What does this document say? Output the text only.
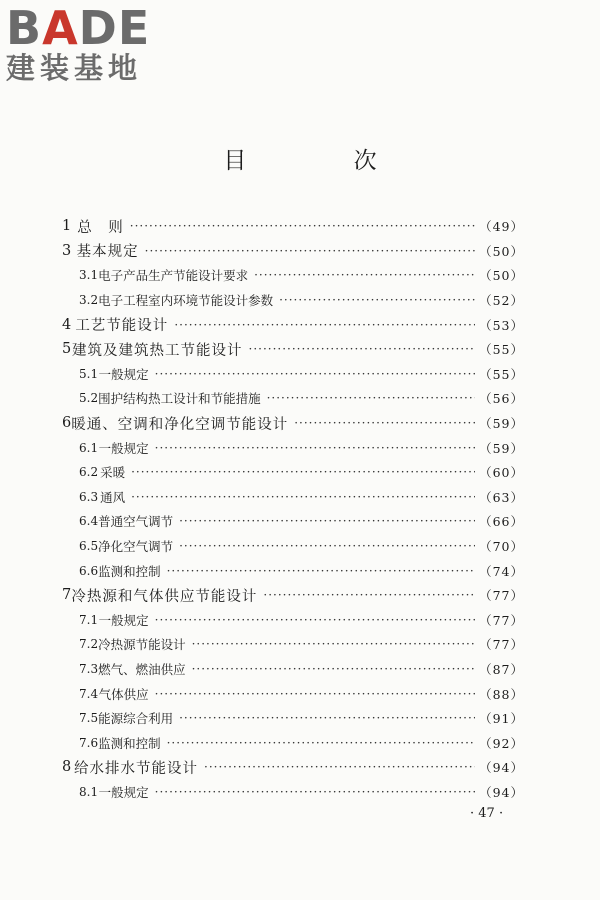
BADE
建装基地
目 次
1 总　则 ·····	（49）
3 基本规定 ·····	（50）
3.1 电子产品生产节能设计要求 ·····	（50）
3.2 电子工程室内环境节能设计参数 ·····	（52）
4 工艺节能设计 ·····	（53）
5 建筑及建筑热工节能设计 ·····	（55）
5.1 一般规定 ·····	（55）
5.2 围护结构热工设计和节能措施 ·····	（56）
6 暖通、空调和净化空调节能设计 ·····	（59）
6.1 一般规定 ·····	（59）
6.2 采暖 ·····	（60）
6.3 通风 ·····	（63）
6.4 普通空气调节 ·····	（66）
6.5 净化空气调节 ·····	（70）
6.6 监测和控制 ·····	（74）
7 冷热源和气体供应节能设计 ·····	（77）
7.1 一般规定 ·····	（77）
7.2 冷热源节能设计 ·····	（77）
7.3 燃气、燃油供应 ·····	（87）
7.4 气体供应 ·····	（88）
7.5 能源综合利用 ·····	（91）
7.6 监测和控制 ·····	（92）
8 给水排水节能设计 ·····	（94）
8.1 一般规定 ·····	（94）
· 47 ·
